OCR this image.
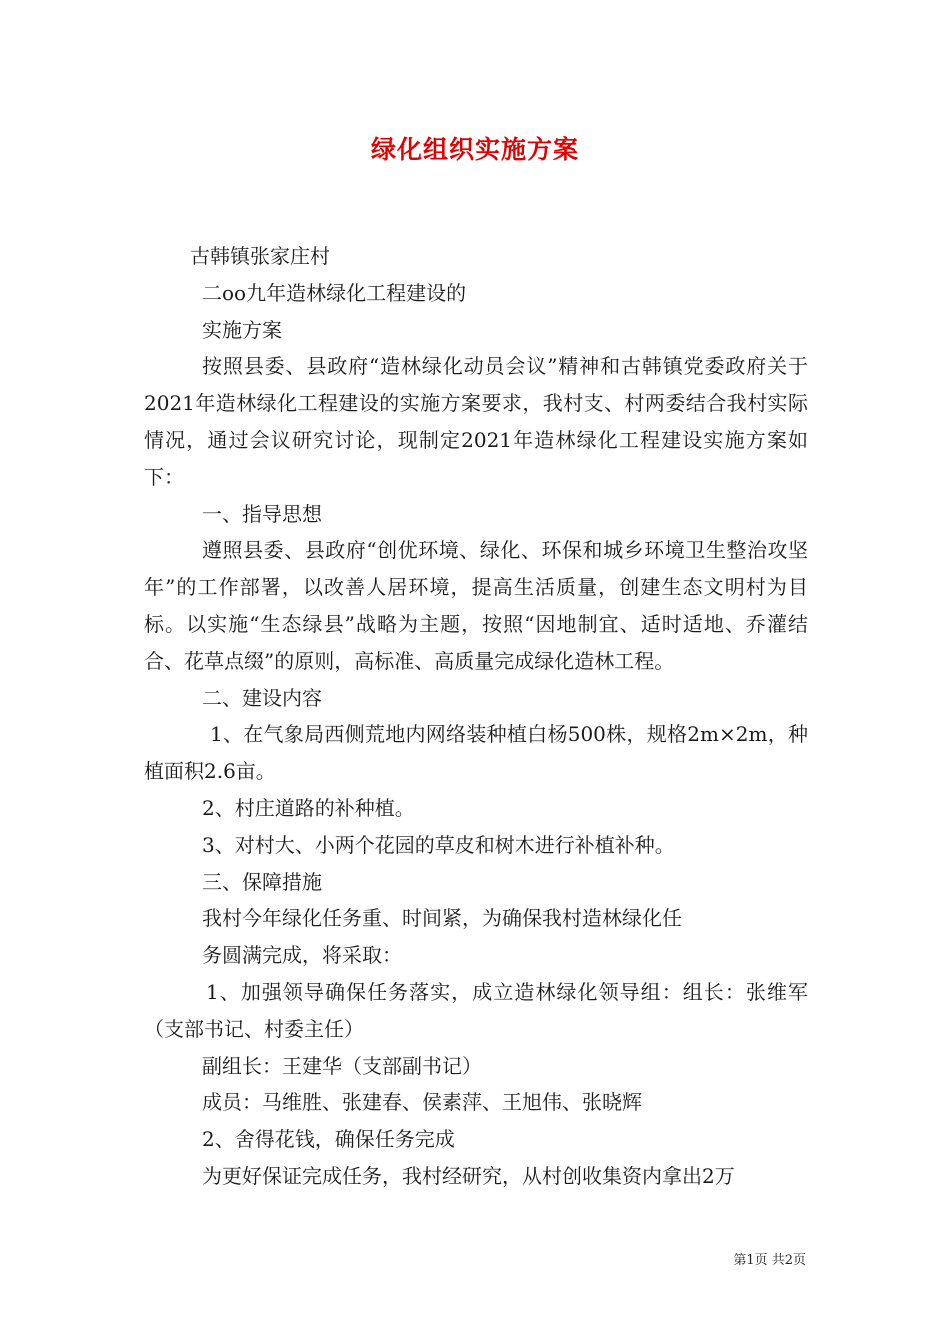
绿化组织实施方案

古韩镇张家庄村

二oo九年造林绿化工程建设的

实施方案

按照县委、县政府“造林绿化动员会议”精神和古韩镇党委政府关于2021年造林绿化工程建设的实施方案要求，我村支、村两委结合我村实际情况，通过会议研究讨论，现制定2021年造林绿化工程建设实施方案如下：

一、指导思想

遵照县委、县政府“创优环境、绿化、环保和城乡环境卫生整治攻坚年”的工作部署，以改善人居环境，提高生活质量，创建生态文明村为目标。以实施“生态绿县”战略为主题，按照“因地制宜、适时适地、乔灌结合、花草点缀”的原则，高标准、高质量完成绿化造林工程。

二、建设内容

1、在气象局西侧荒地内网络装种植白杨500株，规格2m×2m，种植面积2.6亩。

2、村庄道路的补种植。

3、对村大、小两个花园的草皮和树木进行补植补种。

三、保障措施

我村今年绿化任务重、时间紧，为确保我村造林绿化任

务圆满完成，将采取：

1、加强领导确保任务落实，成立造林绿化领导组：组长：张维军（支部书记、村委主任）

副组长：王建华（支部副书记）

成员：马维胜、张建春、侯素萍、王旭伟、张晓辉

2、舍得花钱，确保任务完成

为更好保证完成任务，我村经研究，从村创收集资内拿出2万

第1页 共2页
